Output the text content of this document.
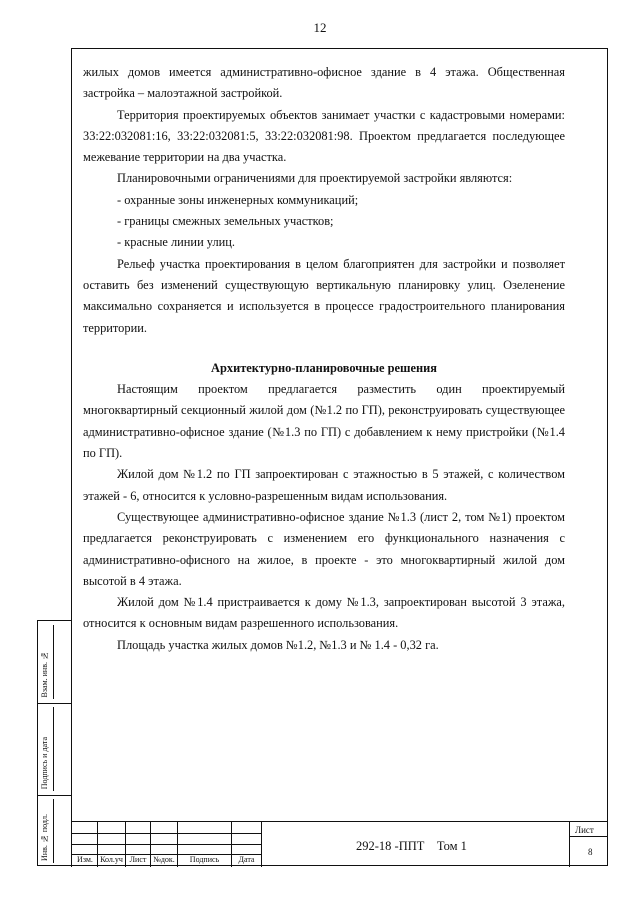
12

жилых домов имеется административно-офисное здание в 4 этажа. Общественная застройка – малоэтажной застройкой.

Территория проектируемых объектов занимает участки с кадастровыми номерами: 33:22:032081:16, 33:22:032081:5, 33:22:032081:98. Проектом предлагается последующее межевание территории на два участка.

Планировочными ограничениями для проектируемой застройки являются:

- охранные зоны инженерных коммуникаций;

- границы смежных земельных участков;

- красные линии улиц.

Рельеф участка проектирования в целом благоприятен для застройки и позволяет оставить без изменений существующую вертикальную планировку улиц. Озеленение максимально сохраняется и используется в процессе градостроительного планирования территории.

Архитектурно-планировочные решения

Настоящим проектом предлагается разместить один проектируемый многоквартирный секционный жилой дом (№1.2 по ГП), реконструировать существующее административно-офисное здание (№1.3 по ГП) с добавлением к нему пристройки (№1.4 по ГП).

Жилой дом №1.2 по ГП запроектирован с этажностью в 5 этажей, с количеством этажей - 6, относится к условно-разрешенным видам использования.

Существующее административно-офисное здание №1.3 (лист 2, том №1) проектом предлагается реконструировать с изменением его функционального назначения с административно-офисного на жилое, в проекте - это многоквартирный жилой дом высотой в 4 этажа.

Жилой дом №1.4 пристраивается к дому №1.3, запроектирован высотой 3 этажа, относится к основным видам разрешенного использования.

Площадь участка жилых домов №1.2, №1.3 и № 1.4 - 0,32 га.

Взам. инв. №
Подпись и дата
Инв. № подл.	Изм. Кол.уч Лист №док.	Подпись	Дата
292-18 -ППТ    Том 1
Лист
8
